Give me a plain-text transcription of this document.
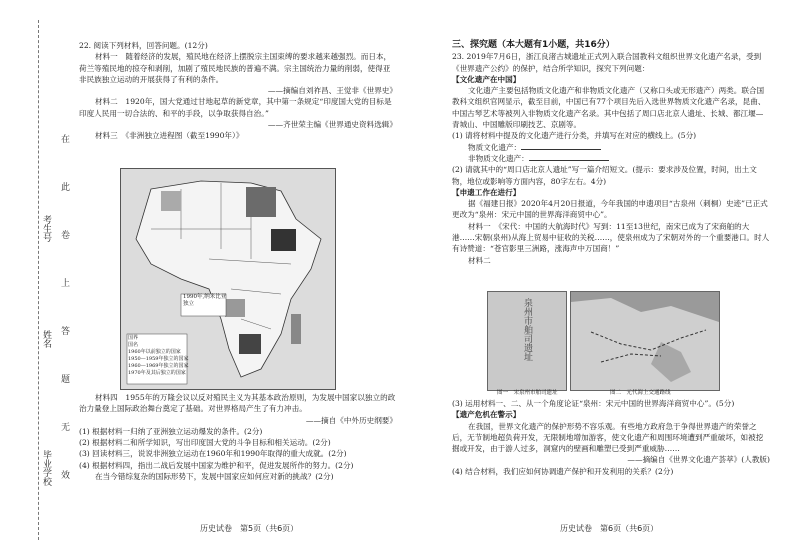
考生号
姓名
毕业学校
在
此
卷
上
答
题
无
效

22. 阅读下列材料，回答问题。(12分)

材料一　随着经济的发展，殖民地在经济上摆脱宗主国束缚的要求越来越强烈。而日本，荷兰等殖民地的掠夺和剥削，加剧了殖民地民族的普遍不满。宗主国统治力量的削弱，使得亚非民族独立运动的开展获得了有利的条件。

——摘编自刘祚昌、王觉非《世界史》

材料二　1920年，国大党通过甘地起草的新党章，其中第一条规定“印度国大党的目标是印度人民用一切合法的、和平的手段，以争取获得自治。”

——齐世荣主编《世界通史资料选辑》

材料三　《非洲独立进程图（截至1990年）》

1990年,纳米比亚独立
国界
国名
1960年以前独立的国家
1950—1959年独立的国家
1960—1969年独立的国家
1970年及其后独立的国家

材料四　1955年的万隆会议以反对殖民主义为其基本政治原则，为发展中国家以独立的政治力量登上国际政治舞台奠定了基础。对世界格局产生了有力冲击。

——摘自《中外历史纲要》

(1) 根据材料一归纳了亚洲独立运动爆发的条件。(2分)

(2) 根据材料二和所学知识，写出印度国大党的斗争目标和相关运动。(2分)

(3) 回读材料三，说说非洲独立运动在1960年和1990年取得的重大成就。(2分)

(4) 根据材料四，指出二战后发展中国家为维护和平，促进发展所作的努力。(2分)

在当今错综复杂的国际形势下，发展中国家应如何应对新的挑战？(2分)

历史试卷　第5页（共6页）

三、探究题（本大题有1小题，共16分）

23. 2019年7月6日，浙江良渚古城遗址正式列入联合国教科文组织世界文化遗产名录，受到《世界遗产公约》的保护，结合所学知识，探究下列问题：

【文化遗产在中国】

文化遗产主要包括物质文化遗产和非物质文化遗产（又称口头或无形遗产）两类。联合国教科文组织官网显示，截至目前，中国已有77个项目先后入选世界物质文化遗产名录，昆曲、中国古琴艺术等被列入非物质文化遗产名录。其中包括了周口店北京人遗址、长城、都江堰—青城山、中国雕版印刷技艺、京剧等。

(1) 请将材料中提及的文化遗产进行分类，并填写在对应的横线上。(5分)

物质文化遗产：

非物质文化遗产：

(2) 请就其中的“周口店北京人遗址”写一篇介绍短文。(提示：要求涉及位置，时间，出土文物，地位或影响等方面内容，80字左右。4分)

【申遗工作在进行】

据《福建日报》2020年4月20日报道，今年我国的申遗项目“古泉州（刺桐）史迹”已正式更改为“泉州：宋元中国的世界海洋商贸中心”。

材料一　《宋代：中国的大航海时代》写到：11至13世纪，南宋已成为了宋商舶的大港……宋朝(泉州)从海上贸易中征收的关税……，使泉州成为了宋朝对外的一个重要港口。时人有诗赞道：“苍官影里三洲路，涨海声中万国商！”

材料二

泉州市舶司遗址
图一　宋泉州市舶司遗址	图二　元代海上交通路线

(3) 运用材料一、二、从一个角度论证“泉州：宋元中国的世界海洋商贸中心”。(5分)

【遗产危机在警示】

在我国，世界文化遗产的保护形势不容乐观。有些地方政府急于争得世界遗产的荣誉之后，无节制地超负荷开发，无限制地增加游客，使文化遗产和周围环境遭到严重破坏，如被挖掘或开发，由于游人过多，洞窟内的壁画和雕塑已受到严重威胁……

——摘编自《世界文化遗产荟萃》(人教版)

(4) 结合材料，我们应如何协调遗产保护和开发利用的关系？(2分)

历史试卷　第6页（共6页）
